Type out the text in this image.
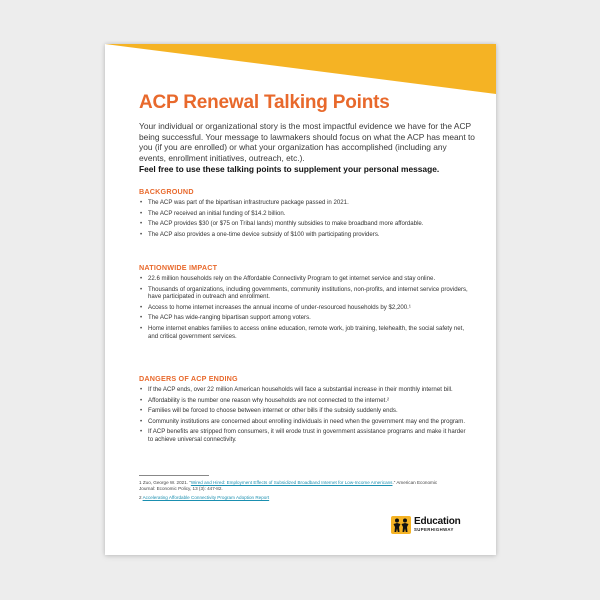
ACP Renewal Talking Points
Your individual or organizational story is the most impactful evidence we have for the ACP being successful. Your message to lawmakers should focus on what the ACP has meant to you (if you are enrolled) or what your organization has accomplished (including any events, enrollment initiatives, outreach, etc.).
Feel free to use these talking points to supplement your personal message.
BACKGROUND
• The ACP was part of the bipartisan infrastructure package passed in 2021.
• The ACP received an initial funding of $14.2 billion.
• The ACP provides $30 (or $75 on Tribal lands) monthly subsidies to make broadband more affordable.
• The ACP also provides a one-time device subsidy of $100 with participating providers.
NATIONWIDE IMPACT
• 22.6 million households rely on the Affordable Connectivity Program to get internet service and stay online.
• Thousands of organizations, including governments, community institutions, non-profits, and internet service providers, have participated in outreach and enrollment.
• Access to home internet increases the annual income of under-resourced households by $2,200.¹
• The ACP has wide-ranging bipartisan support among voters.
• Home internet enables families to access online education, remote work, job training, telehealth, the social safety net, and critical government services.
DANGERS OF ACP ENDING
• If the ACP ends, over 22 million American households will face a substantial increase in their monthly internet bill.
• Affordability is the number one reason why households are not connected to the internet.²
• Families will be forced to choose between internet or other bills if the subsidy suddenly ends.
• Community institutions are concerned about enrolling individuals in need when the government may end the program.
• If ACP benefits are stripped from consumers, it will erode trust in government assistance programs and make it harder to achieve universal connectivity.

1 Zuo, George W. 2021. “Wired and Hired: Employment Effects of Subsidized Broadband Internet for Low-Income Americans.” American Economic Journal: Economic Policy, 13 (3): 447-82.

2 Accelerating Affordable Connectivity Program Adoption Report

Education
SUPERHIGHWAY
